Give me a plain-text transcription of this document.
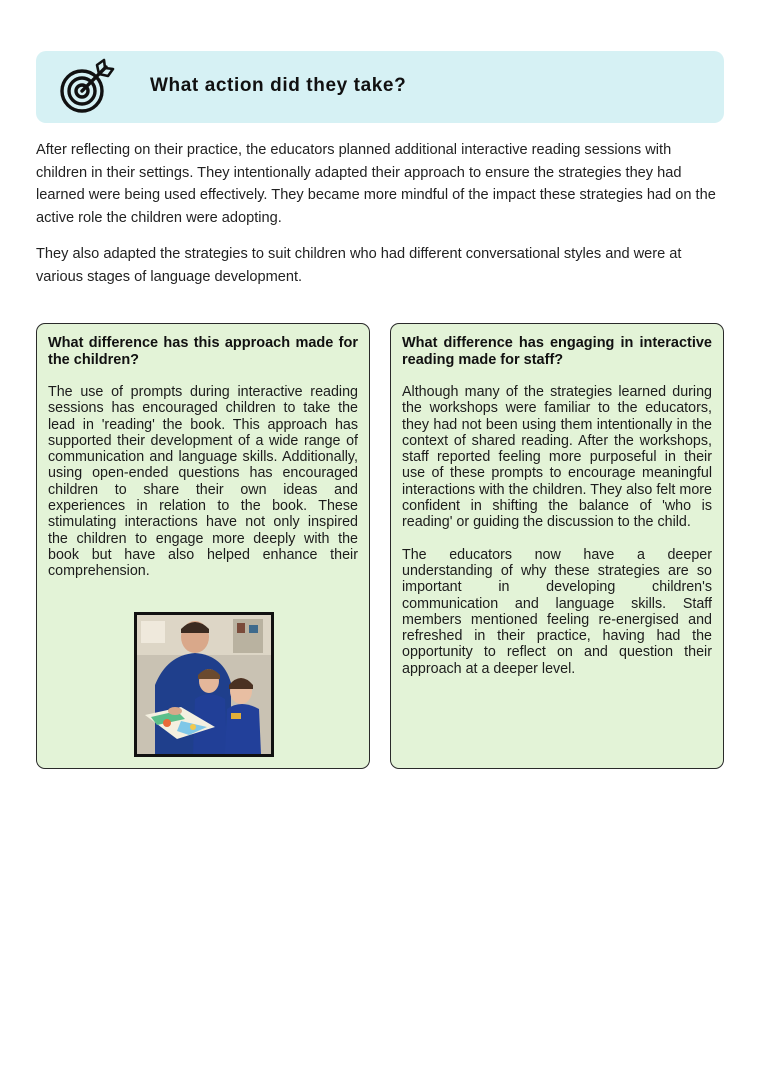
What action did they take?

After reflecting on their practice, the educators planned additional interactive reading sessions with children in their settings. They intentionally adapted their approach to ensure the strategies they had learned were being used effectively. They became more mindful of the impact these strategies had on the active role the children were adopting.

They also adapted the strategies to suit children who had different conversational styles and were at various stages of language development.

What difference has this approach made for the children?

The use of prompts during interactive reading sessions has encouraged children to take the lead in 'reading' the book. This approach has supported their development of a wide range of communication and language skills. Additionally, using open-ended questions has encouraged children to share their own ideas and experiences in relation to the book. These stimulating interactions have not only inspired the children to engage more deeply with the book but have also helped enhance their comprehension.

What difference has engaging in interactive reading made for staff?

Although many of the strategies learned during the workshops were familiar to the educators, they had not been using them intentionally in the context of shared reading. After the workshops, staff reported feeling more purposeful in their use of these prompts to encourage meaningful interactions with the children. They also felt more confident in shifting the balance of 'who is reading' or guiding the discussion to the child.

The educators now have a deeper understanding of why these strategies are so important in developing children's communication and language skills. Staff members mentioned feeling re-energised and refreshed in their practice, having had the opportunity to reflect on and question their approach at a deeper level.
